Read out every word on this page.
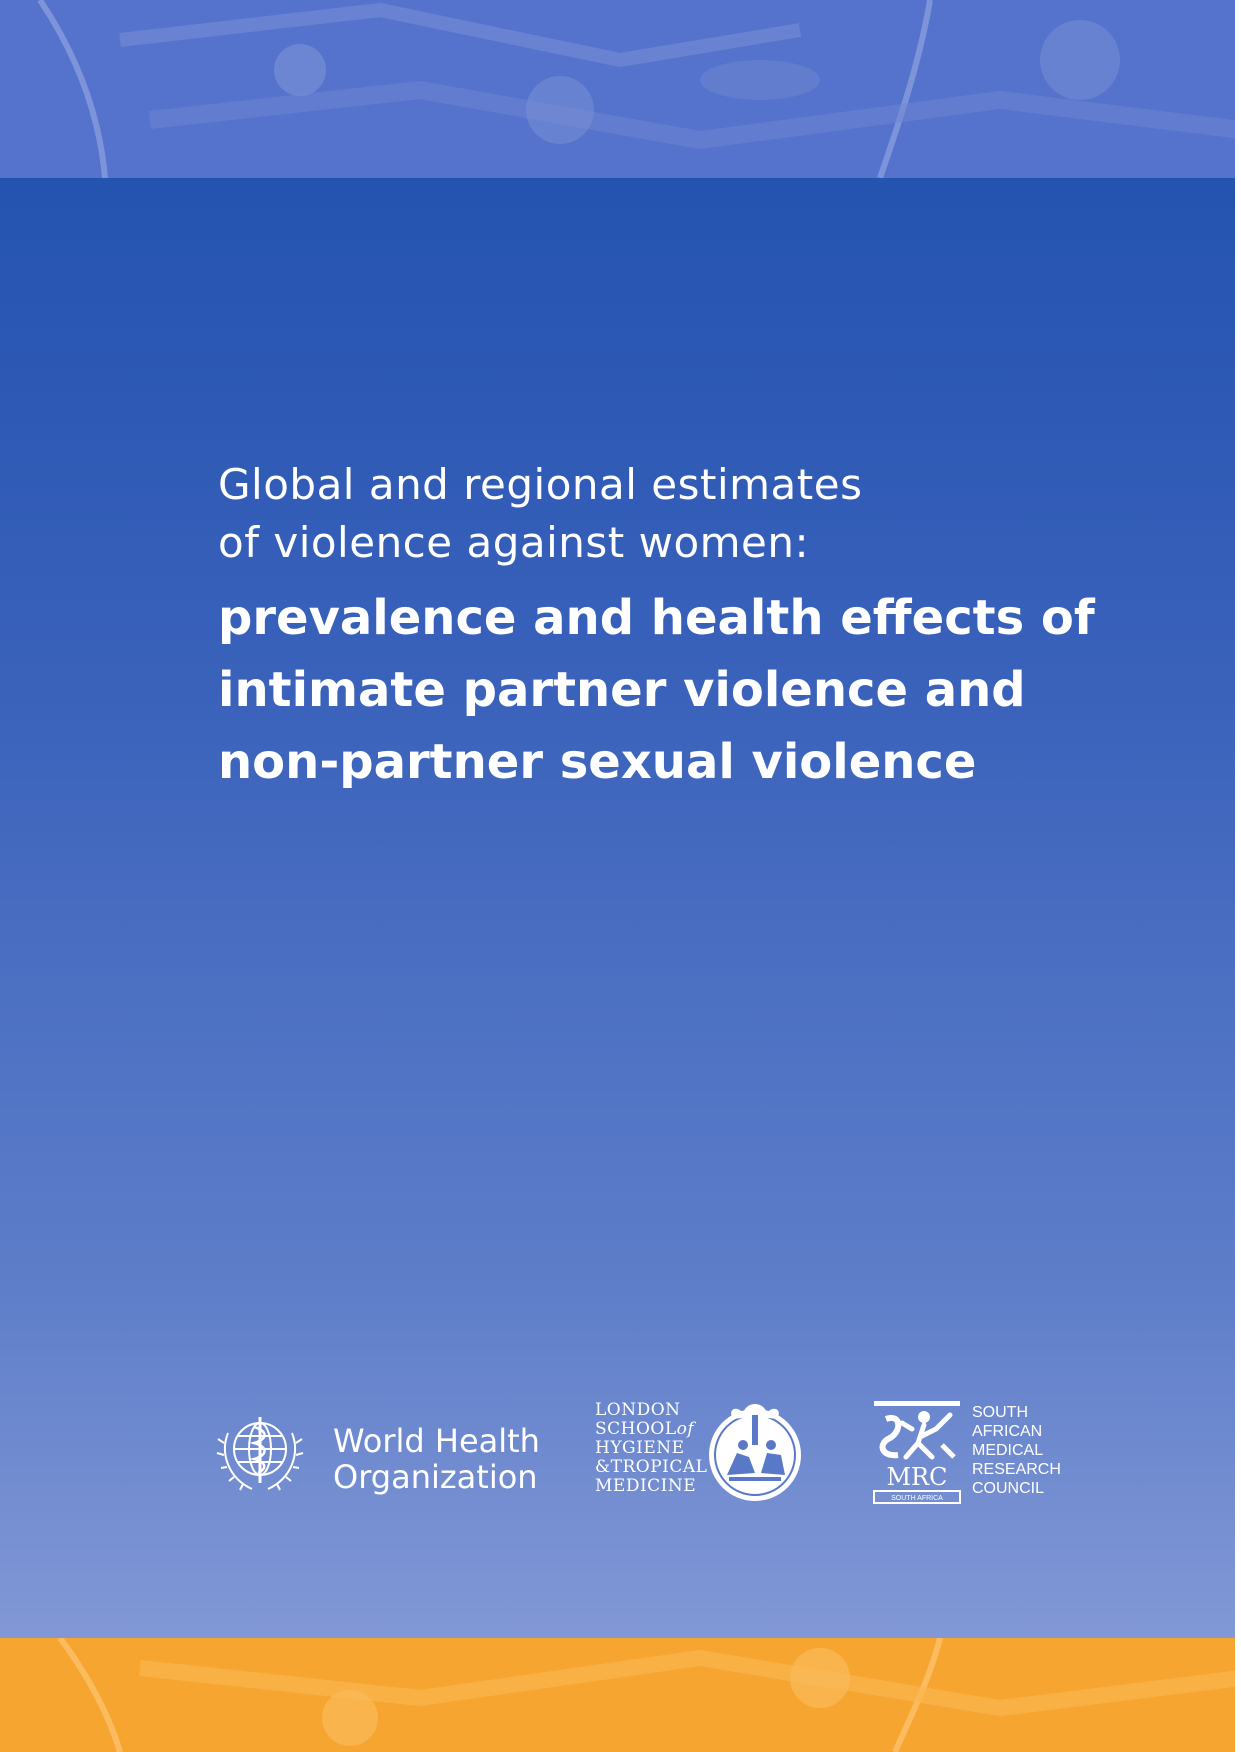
Global and regional estimates
of violence against women:
prevalence and health effects of
intimate partner violence and
non-partner sexual violence
World Health
Organization
LONDON
SCHOOLof
HYGIENE
&TROPICAL
MEDICINE	MRC
SOUTH AFRICA
SOUTH
AFRICAN
MEDICAL
RESEARCH
COUNCIL
